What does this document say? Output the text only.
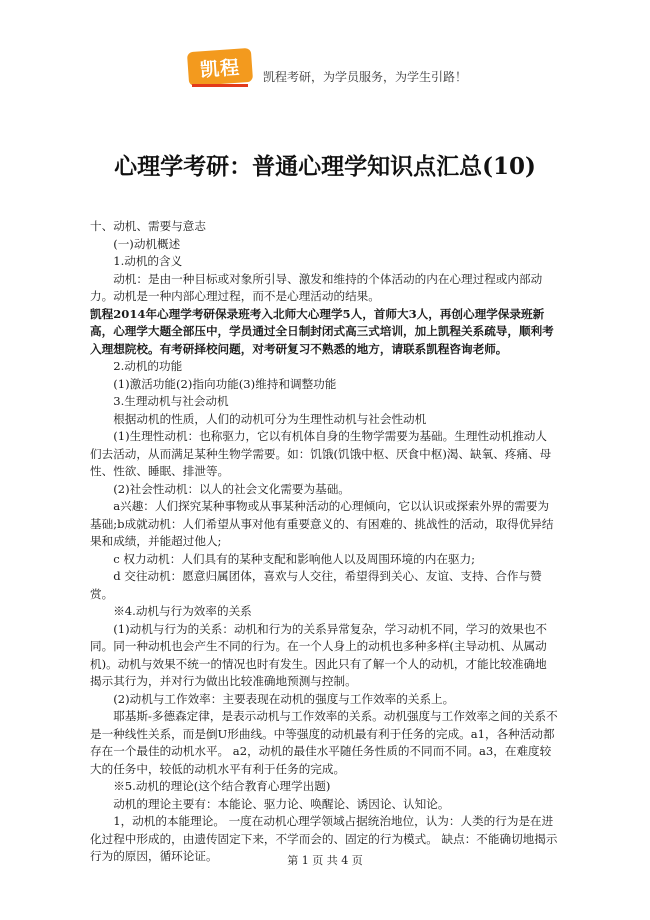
凯程	凯程考研，为学员服务，为学生引路！
心理学考研：普通心理学知识点汇总(10)

十、动机、需要与意志

(一)动机概述

1.动机的含义

动机：是由一种目标或对象所引导、激发和维持的个体活动的内在心理过程或内部动力。动机是一种内部心理过程，而不是心理活动的结果。

凯程2014年心理学考研保录班考入北师大心理学5人，首师大3人，再创心理学保录班新高，心理学大题全部压中，学员通过全日制封闭式高三式培训，加上凯程关系疏导，顺利考入理想院校。有考研择校问题，对考研复习不熟悉的地方，请联系凯程咨询老师。

2.动机的功能

(1)激活功能(2)指向功能(3)维持和调整功能

3.生理动机与社会动机

根据动机的性质，人们的动机可分为生理性动机与社会性动机

(1)生理性动机：也称驱力，它以有机体自身的生物学需要为基础。生理性动机推动人们去活动，从而满足某种生物学需要。如：饥饿(饥饿中枢、厌食中枢)渴、缺氧、疼痛、母性、性欲、睡眠、排泄等。

(2)社会性动机：以人的社会文化需要为基础。

a兴趣：人们探究某种事物或从事某种活动的心理倾向，它以认识或探索外界的需要为基础;b成就动机：人们希望从事对他有重要意义的、有困难的、挑战性的活动，取得优异结果和成绩，并能超过他人;

c 权力动机：人们具有的某种支配和影响他人以及周围环境的内在驱力;

d 交往动机：愿意归属团体，喜欢与人交往，希望得到关心、友谊、支持、合作与赞赏。

※4.动机与行为效率的关系

(1)动机与行为的关系：动机和行为的关系异常复杂，学习动机不同，学习的效果也不同。同一种动机也会产生不同的行为。在一个人身上的动机也多种多样(主导动机、从属动机)。动机与效果不统一的情况也时有发生。因此只有了解一个人的动机，才能比较准确地揭示其行为，并对行为做出比较准确地预测与控制。

(2)动机与工作效率：主要表现在动机的强度与工作效率的关系上。

耶基斯-多德森定律，是表示动机与工作效率的关系。动机强度与工作效率之间的关系不是一种线性关系，而是倒U形曲线。中等强度的动机最有利于任务的完成。a1，各种活动都存在一个最佳的动机水平。 a2，动机的最佳水平随任务性质的不同而不同。a3，在难度较大的任务中，较低的动机水平有利于任务的完成。

※5.动机的理论(这个结合教育心理学出题)

动机的理论主要有：本能论、驱力论、唤醒论、诱因论、认知论。

1，动机的本能理论。 一度在动机心理学领域占据统治地位，认为：人类的行为是在进化过程中形成的，由遗传固定下来，不学而会的、固定的行为模式。 缺点：不能确切地揭示行为的原因，循环论证。	第 1 页 共 4 页
